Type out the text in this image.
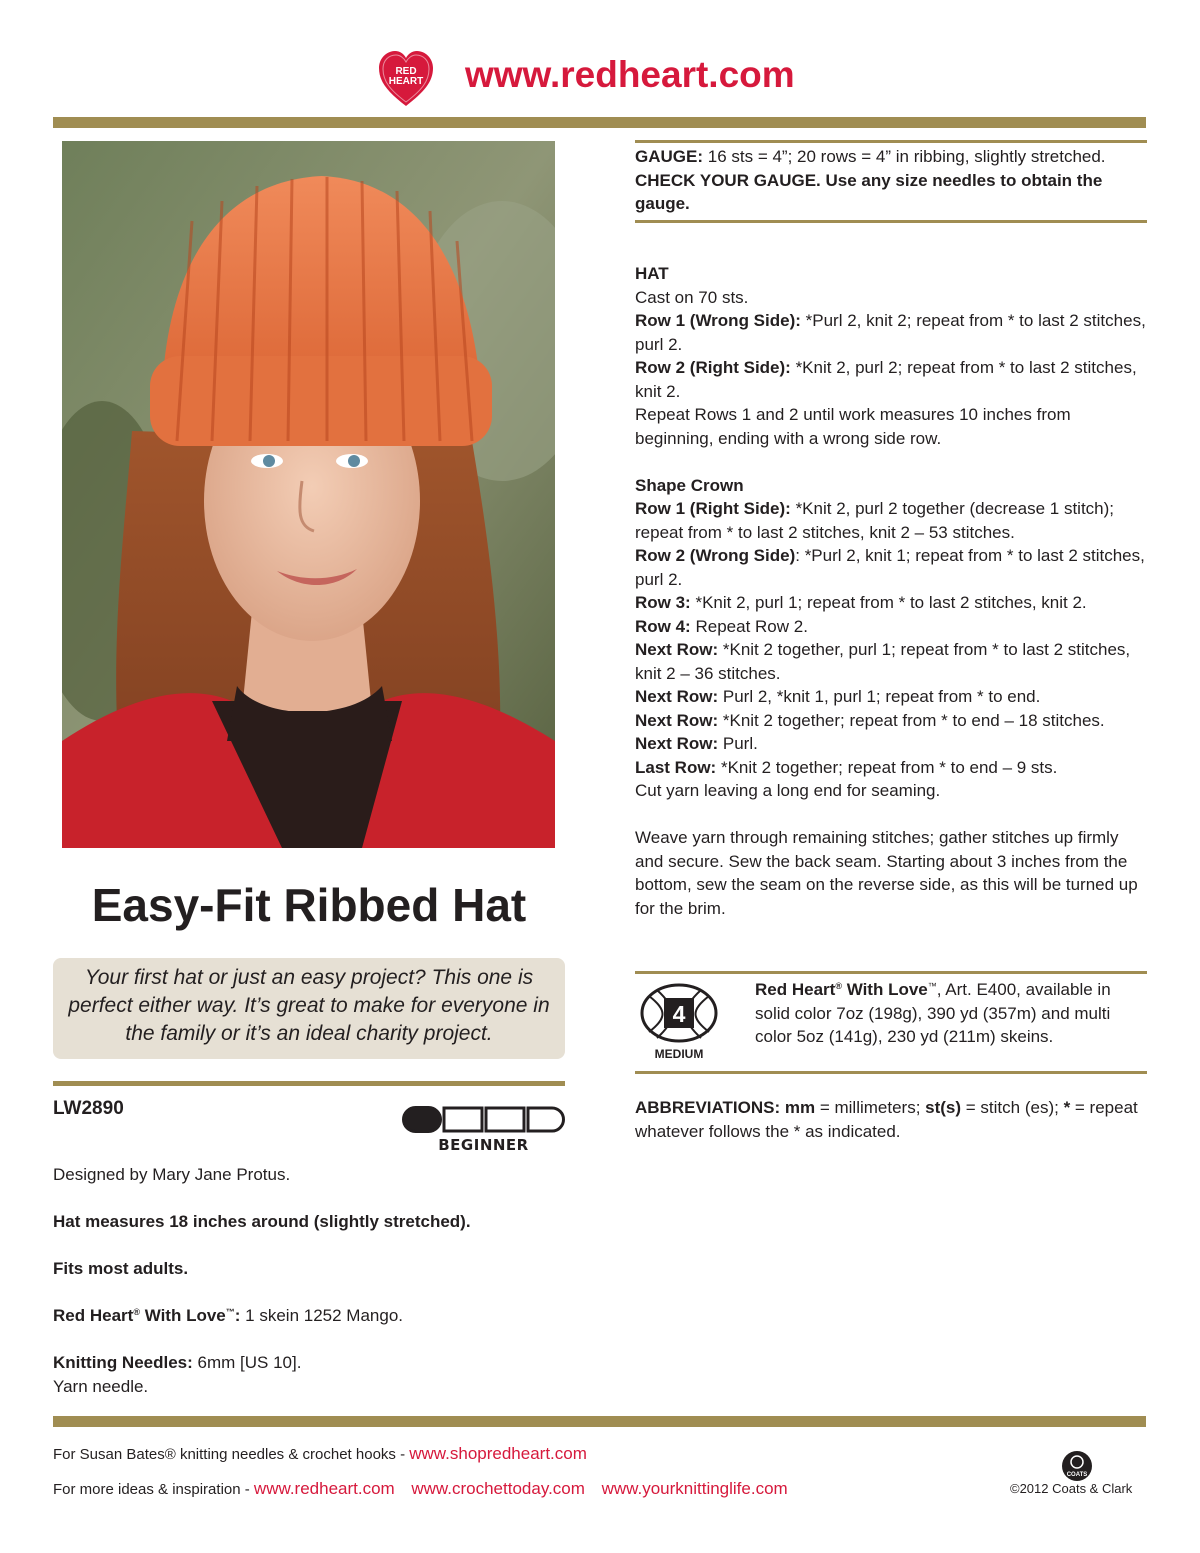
RED
HEART www.redheart.com
Easy-Fit Ribbed Hat
Your first hat or just an easy project? This one is perfect either way. It’s great to make for everyone in the family or it’s an ideal charity project.
LW2890
BEGINNER

Designed by Mary Jane Protus.

Hat measures 18 inches around (slightly stretched).

Fits most adults.

Red Heart® With Love™: 1 skein 1252 Mango.

Knitting Needles: 6mm [US 10].
Yarn needle.

GAUGE: 16 sts = 4”; 20 rows = 4” in ribbing, slightly stretched. CHECK YOUR GAUGE. Use any size needles to obtain the gauge.

HAT

Cast on 70 sts.

Row 1 (Wrong Side): *Purl 2, knit 2; repeat from * to last 2 stitches, purl 2.

Row 2 (Right Side): *Knit 2, purl 2; repeat from * to last 2 stitches, knit 2.

Repeat Rows 1 and 2 until work measures 10 inches from beginning, ending with a wrong side row.

Shape Crown

Row 1 (Right Side): *Knit 2, purl 2 together (decrease 1 stitch); repeat from * to last 2 stitches, knit 2 – 53 stitches.

Row 2 (Wrong Side): *Purl 2, knit 1; repeat from * to last 2 stitches, purl 2.

Row 3: *Knit 2, purl 1; repeat from * to last 2 stitches, knit 2.

Row 4: Repeat Row 2.

Next Row: *Knit 2 together, purl 1; repeat from * to last 2 stitches, knit 2 – 36 stitches.

Next Row: Purl 2, *knit 1, purl 1; repeat from * to end.

Next Row: *Knit 2 together; repeat from * to end – 18 stitches.

Next Row: Purl.

Last Row: *Knit 2 together; repeat from * to end – 9 sts.

Cut yarn leaving a long end for seaming.

Weave yarn through remaining stitches; gather stitches up firmly and secure. Sew the back seam. Starting about 3 inches from the bottom, sew the seam on the reverse side, as this will be turned up for the brim.

4
MEDIUM
Red Heart® With Love™, Art. E400, available in solid color 7oz (198g), 390 yd (357m) and multi color 5oz (141g), 230 yd (211m) skeins.
ABBREVIATIONS: mm = millimeters; st(s) = stitch (es); * = repeat whatever follows the * as indicated.
For Susan Bates® knitting needles & crochet hooks - www.shopredheart.com
For more ideas & inspiration - www.redheart.com www.crochettoday.com www.yourknittinglife.com
COATS
©2012 Coats & Clark
